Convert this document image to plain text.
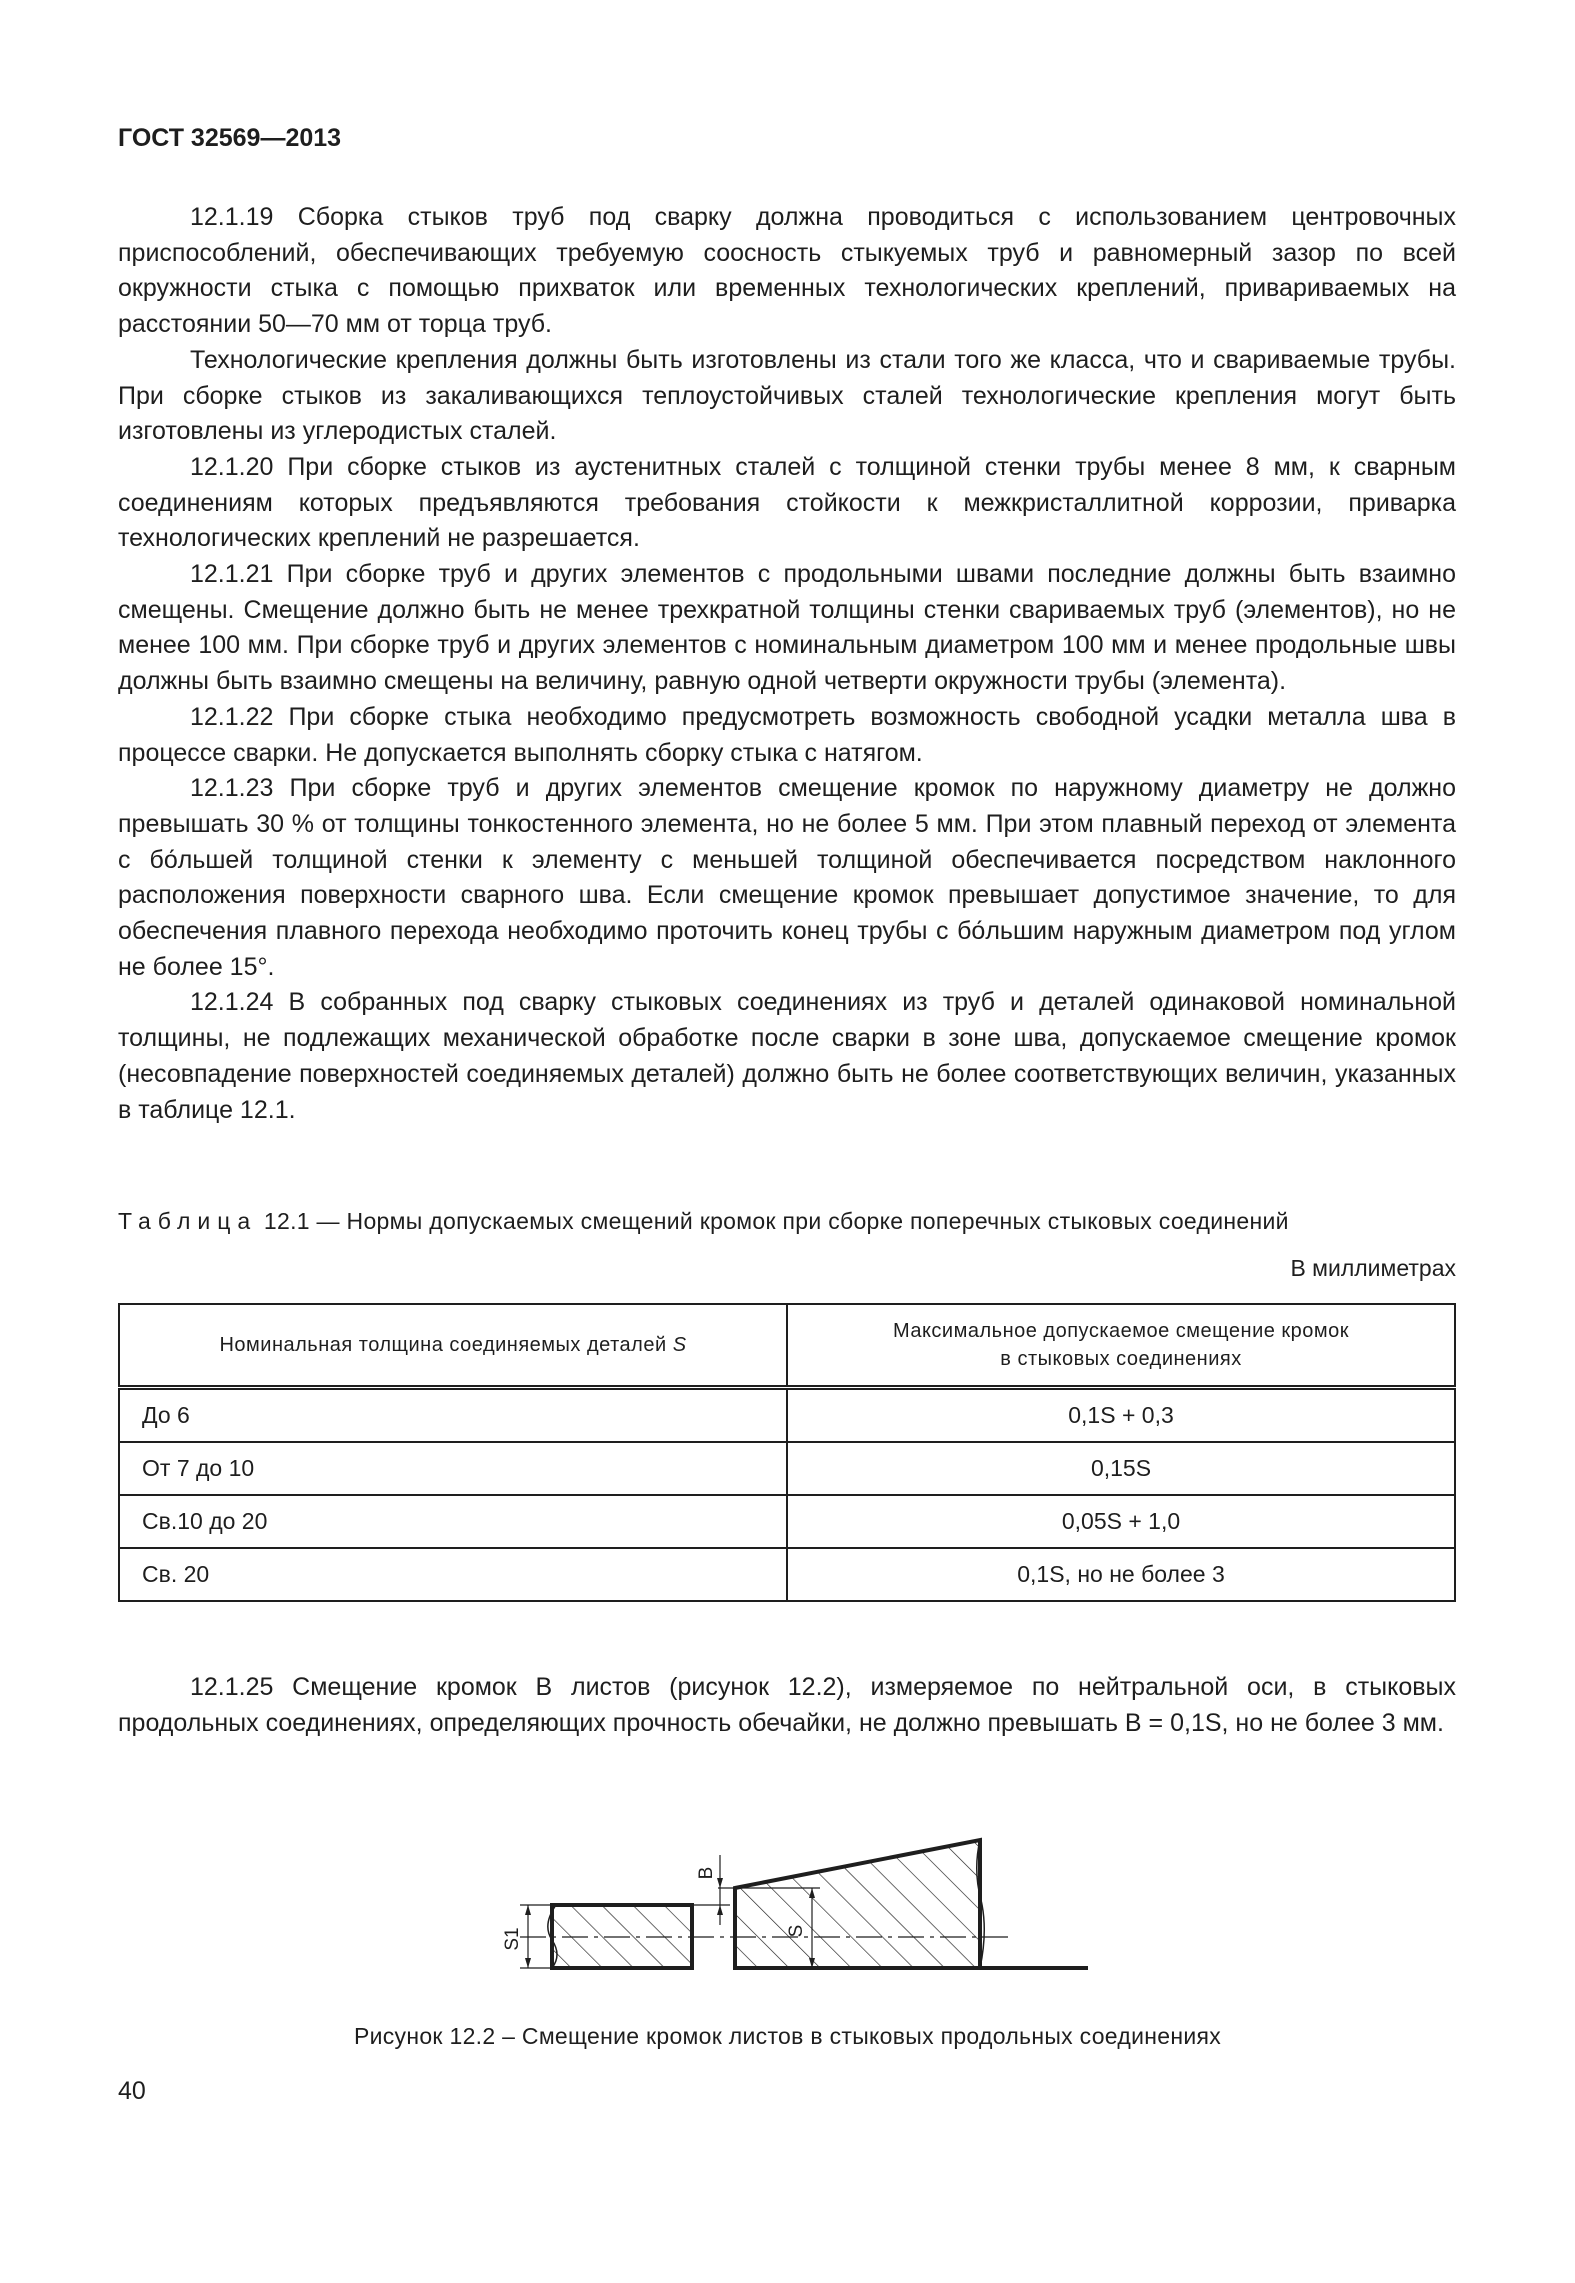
ГОСТ 32569—2013

12.1.19 Сборка стыков труб под сварку должна проводиться с использованием центровочных приспособлений, обеспечивающих требуемую соосность стыкуемых труб и равномерный зазор по всей окружности стыка с помощью прихваток или временных технологических креплений, привариваемых на расстоянии 50—70 мм от торца труб.

Технологические крепления должны быть изготовлены из стали того же класса, что и свариваемые трубы. При сборке стыков из закаливающихся теплоустойчивых сталей технологические крепления могут быть изготовлены из углеродистых сталей.

12.1.20 При сборке стыков из аустенитных сталей с толщиной стенки трубы менее 8 мм, к сварным соединениям которых предъявляются требования стойкости к межкристаллитной коррозии, приварка технологических креплений не разрешается.

12.1.21 При сборке труб и других элементов с продольными швами последние должны быть взаимно смещены. Смещение должно быть не менее трехкратной толщины стенки свариваемых труб (элементов), но не менее 100 мм. При сборке труб и других элементов с номинальным диаметром 100 мм и менее продольные швы должны быть взаимно смещены на величину, равную одной четверти окружности трубы (элемента).

12.1.22 При сборке стыка необходимо предусмотреть возможность свободной усадки металла шва в процессе сварки. Не допускается выполнять сборку стыка с натягом.

12.1.23 При сборке труб и других элементов смещение кромок по наружному диаметру не должно превышать 30 % от толщины тонкостенного элемента, но не более 5 мм. При этом плавный переход от элемента с бо́льшей толщиной стенки к элементу с меньшей толщиной обеспечивается посредством наклонного расположения поверхности сварного шва. Если смещение кромок превышает допустимое значение, то для обеспечения плавного перехода необходимо проточить конец трубы с бо́льшим наружным диаметром под углом не более 15°.

12.1.24 В собранных под сварку стыковых соединениях из труб и деталей одинаковой номинальной толщины, не подлежащих механической обработке после сварки в зоне шва, допускаемое смещение кромок (несовпадение поверхностей соединяемых деталей) должно быть не более соответствующих величин, указанных в таблице 12.1.

Таблица 12.1 — Нормы допускаемых смещений кромок при сборке поперечных стыковых соединений
В миллиметрах
Номинальная толщина соединяемых деталей S	Максимальное допускаемое смещение кромок
в стыковых соединениях

До 6	0,1S + 0,3
От 7 до 10	0,15S
Св.10 до 20	0,05S + 1,0
Св. 20	0,1S, но не более 3

12.1.25 Смещение кромок B листов (рисунок 12.2), измеряемое по нейтральной оси, в стыковых продольных соединениях, определяющих прочность обечайки, не должно превышать B = 0,1S, но не более 3 мм.

S1
B
S
Рисунок 12.2 – Смещение кромок листов в стыковых продольных соединениях
40
